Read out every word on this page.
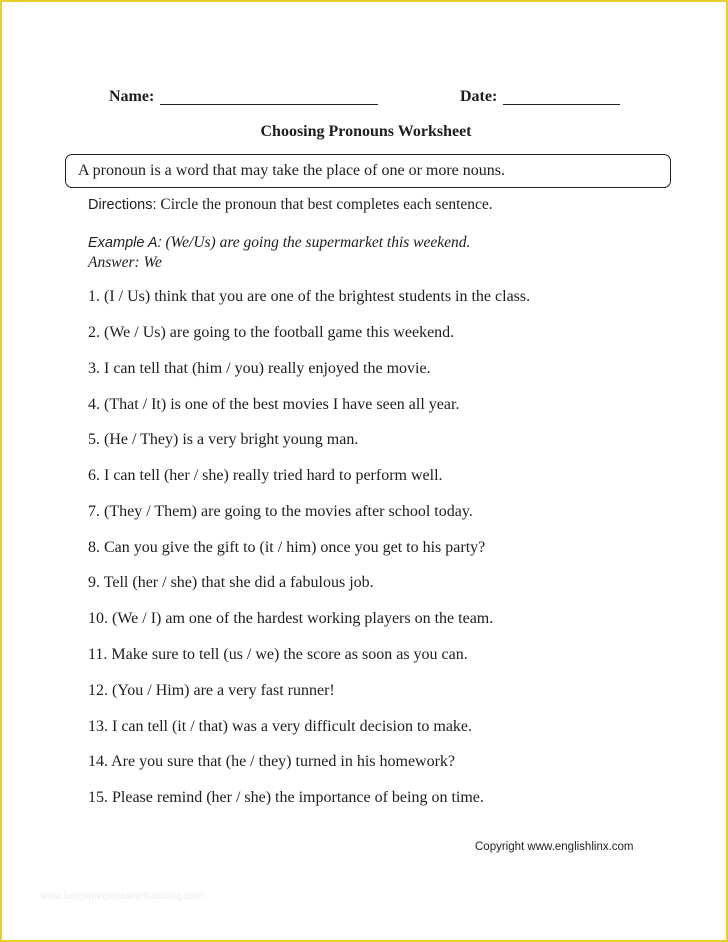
Name:	Date:
Choosing Pronouns Worksheet
A pronoun is a word that may take the place of one or more nouns.
Directions: Circle the pronoun that best completes each sentence.
Example A: (We/Us) are going the supermarket this weekend.
Answer: We
1. (I / Us) think that you are one of the brightest students in the class.
2. (We / Us) are going to the football game this weekend.
3. I can tell that (him / you) really enjoyed the movie.
4. (That / It) is one of the best movies I have seen all year.
5. (He / They) is a very bright young man.
6. I can tell (her / she) really tried hard to perform well.
7. (They / Them) are going to the movies after school today.
8. Can you give the gift to (it / him) once you get to his party?
9. Tell (her / she) that she did a fabulous job.
10. (We / I) am one of the hardest working players on the team.
11. Make sure to tell (us / we) the score as soon as you can.
12. (You / Him) are a very fast runner!
13. I can tell (it / that) was a very difficult decision to make.
14. Are you sure that (he / they) turned in his homework?
15. Please remind (her / she) the importance of being on time.
Copyright www.englishlinx.com
www.benjaminpantamethodblog.com
